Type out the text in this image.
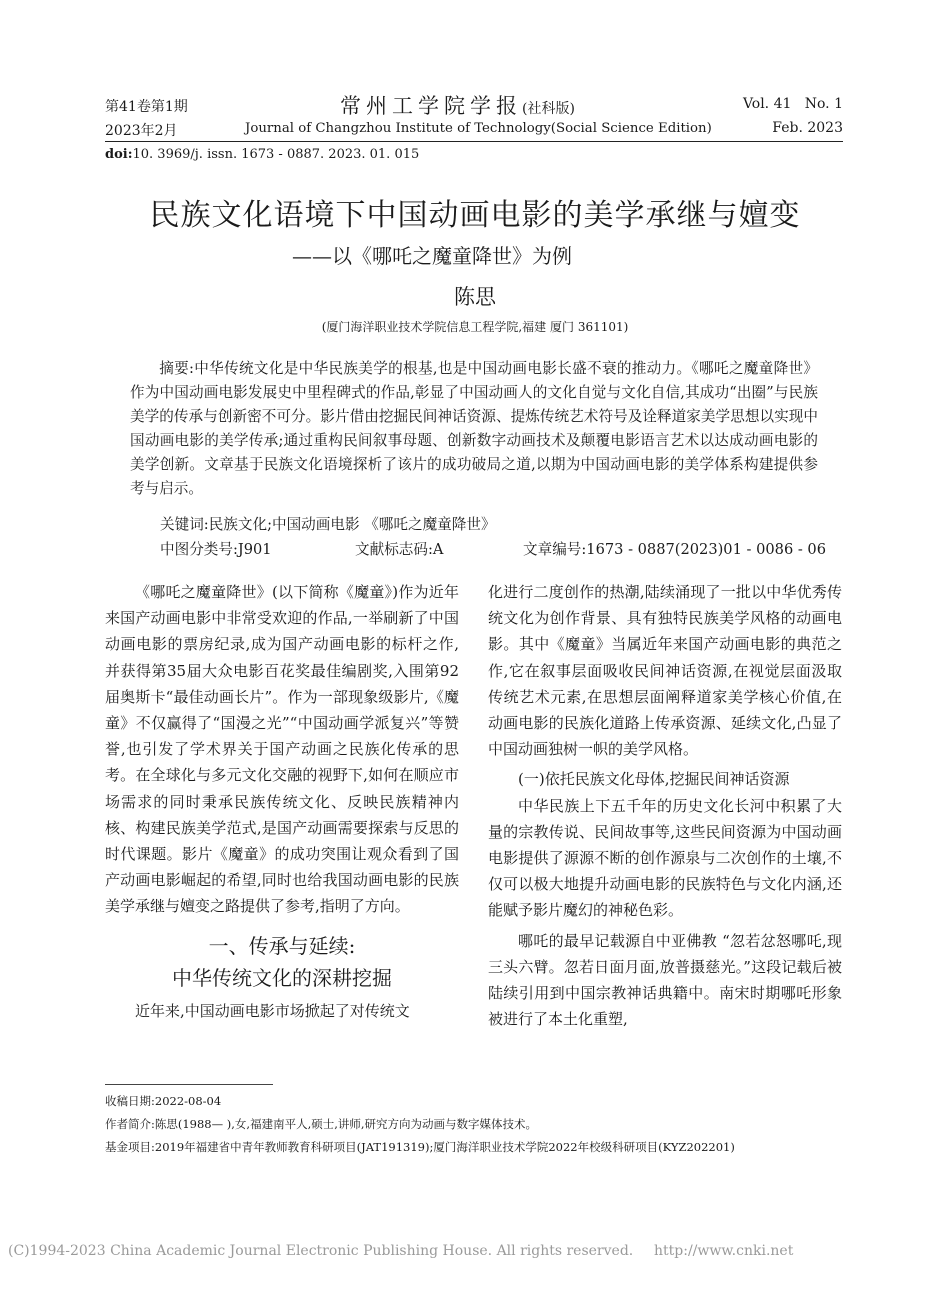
第41卷第1期	常州工学院学报(社科版)	Vol. 41   No. 1
2023年2月	Journal of Changzhou Institute of Technology(Social Science Edition)	Feb. 2023
doi:10. 3969/j. issn. 1673 - 0887. 2023. 01. 015
民族文化语境下中国动画电影的美学承继与嬗变
——以《哪吒之魔童降世》为例
陈思
(厦门海洋职业技术学院信息工程学院,福建 厦门 361101)

摘要:中华传统文化是中华民族美学的根基,也是中国动画电影长盛不衰的推动力。《哪吒之魔童降世》作为中国动画电影发展史中里程碑式的作品,彰显了中国动画人的文化自觉与文化自信,其成功“出圈”与民族美学的传承与创新密不可分。影片借由挖掘民间神话资源、提炼传统艺术符号及诠释道家美学思想以实现中国动画电影的美学传承;通过重构民间叙事母题、创新数字动画技术及颠覆电影语言艺术以达成动画电影的美学创新。文章基于民族文化语境探析了该片的成功破局之道,以期为中国动画电影的美学体系构建提供参考与启示。

关键词:民族文化;中国动画电影 《哪吒之魔童降世》
中图分类号:J901	文献标志码:A	文章编号:1673 - 0887(2023)01 - 0086 - 06

《哪吒之魔童降世》(以下简称《魔童》)作为近年来国产动画电影中非常受欢迎的作品,一举刷新了中国动画电影的票房纪录,成为国产动画电影的标杆之作,并获得第35届大众电影百花奖最佳编剧奖,入围第92届奥斯卡“最佳动画长片”。作为一部现象级影片,《魔童》不仅赢得了“国漫之光”“中国动画学派复兴”等赞誉,也引发了学术界关于国产动画之民族化传承的思考。在全球化与多元文化交融的视野下,如何在顺应市场需求的同时秉承民族传统文化、反映民族精神内核、构建民族美学范式,是国产动画需要探索与反思的时代课题。影片《魔童》的成功突围让观众看到了国产动画电影崛起的希望,同时也给我国动画电影的民族美学承继与嬗变之路提供了参考,指明了方向。

一、传承与延续:
中华传统文化的深耕挖掘

近年来,中国动画电影市场掀起了对传统文

化进行二度创作的热潮,陆续涌现了一批以中华优秀传统文化为创作背景、具有独特民族美学风格的动画电影。其中《魔童》当属近年来国产动画电影的典范之作,它在叙事层面吸收民间神话资源,在视觉层面汲取传统艺术元素,在思想层面阐释道家美学核心价值,在动画电影的民族化道路上传承资源、延续文化,凸显了中国动画独树一帜的美学风格。

(一)依托民族文化母体,挖掘民间神话资源

中华民族上下五千年的历史文化长河中积累了大量的宗教传说、民间故事等,这些民间资源为中国动画电影提供了源源不断的创作源泉与二次创作的土壤,不仅可以极大地提升动画电影的民族特色与文化内涵,还能赋予影片魔幻的神秘色彩。

哪吒的最早记载源自中亚佛教 “忽若忿怒哪吒,现三头六臂。忽若日面月面,放普摄慈光。”这段记载后被陆续引用到中国宗教神话典籍中。南宋时期哪吒形象被进行了本土化重塑,

收稿日期:2022-08-04
作者简介:陈思(1988— ),女,福建南平人,硕士,讲师,研究方向为动画与数字媒体技术。
基金项目:2019年福建省中青年教师教育科研项目(JAT191319);厦门海洋职业技术学院2022年校级科研项目(KYZ202201)
(C)1994-2023 China Academic Journal Electronic Publishing House. All rights reserved. http://www.cnki.net
